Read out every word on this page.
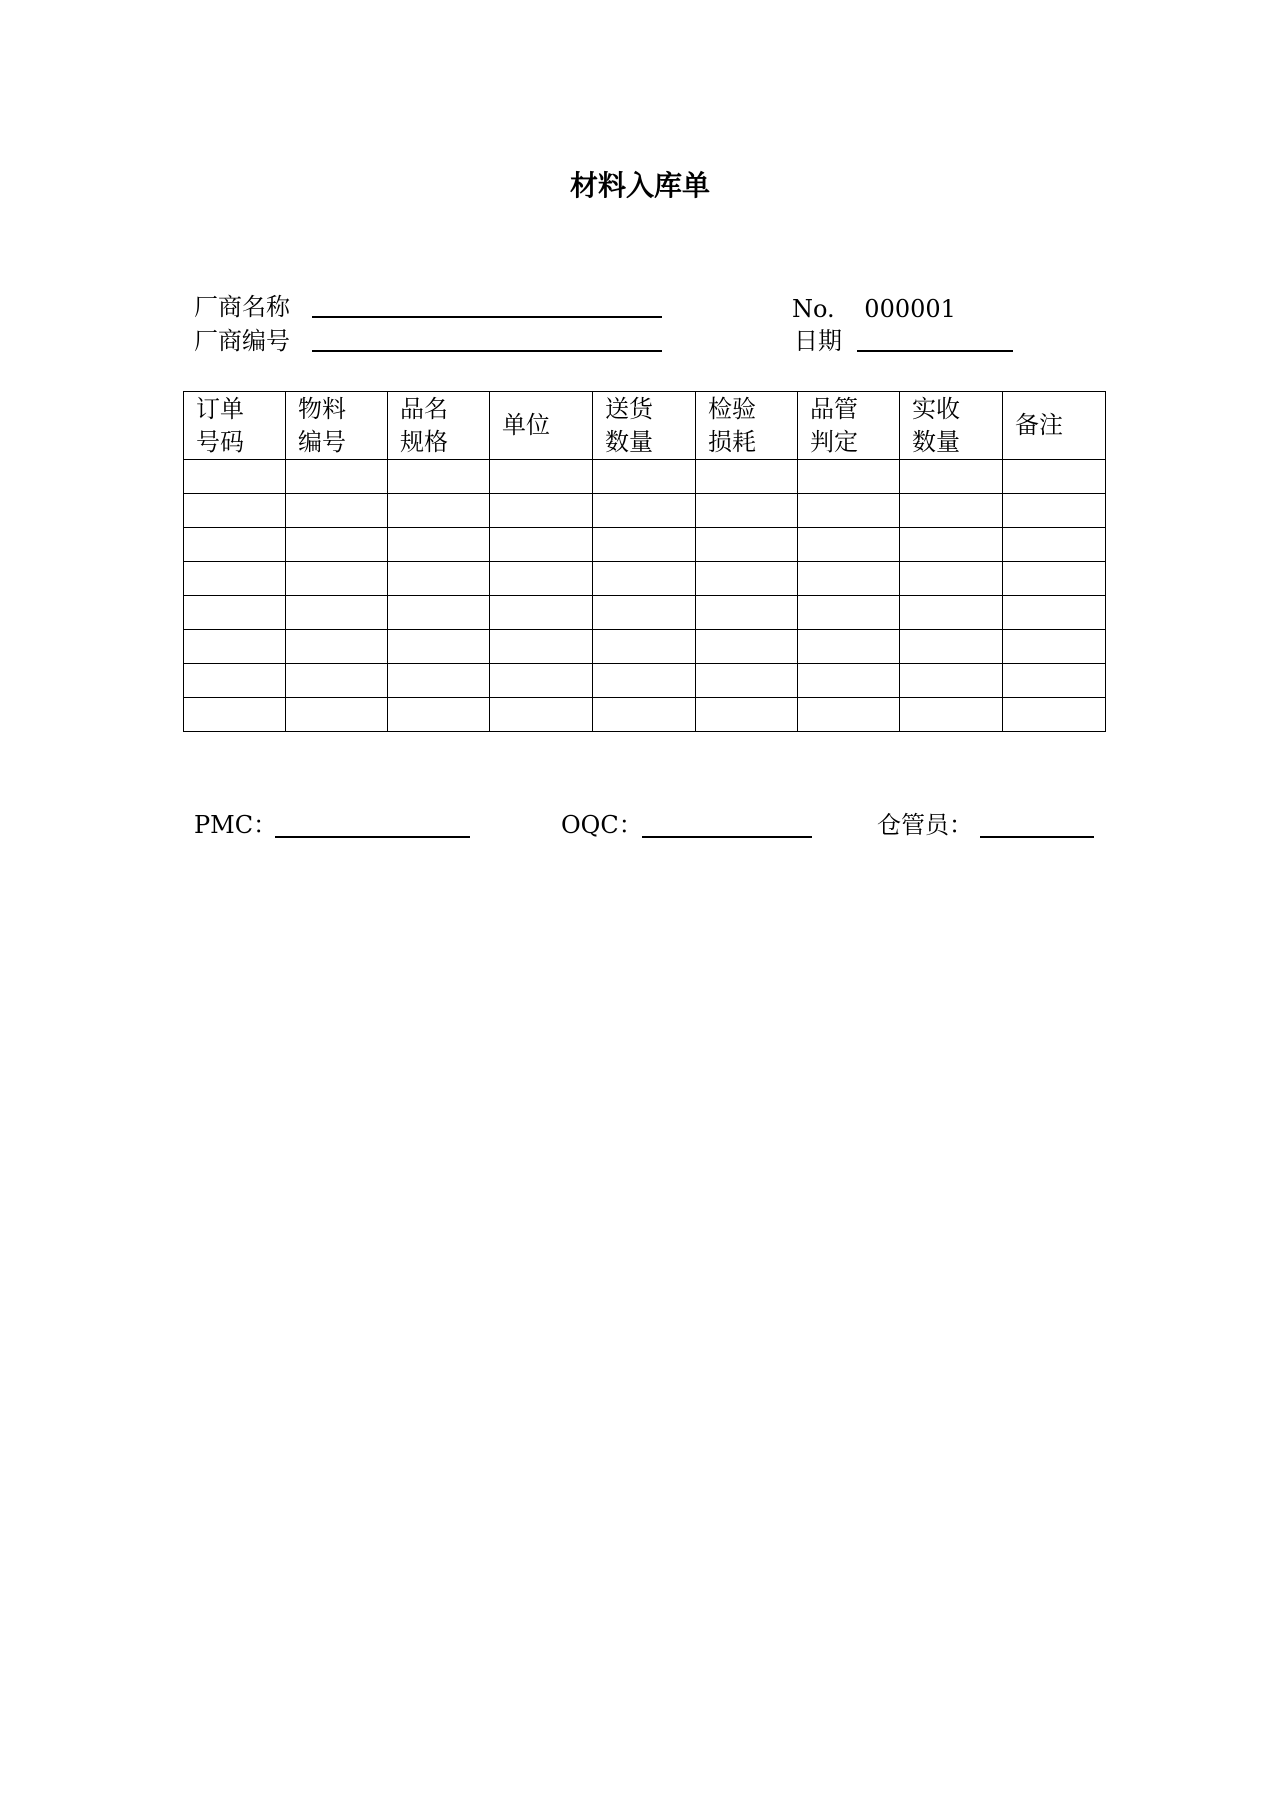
材料入库单
厂商名称
厂商编号
No. 000001
日期
订单号码	物料编号	品名规格	单位	送货数量	检验损耗	品管判定	实收数量	备注

PMC：	OQC：	仓管员：
